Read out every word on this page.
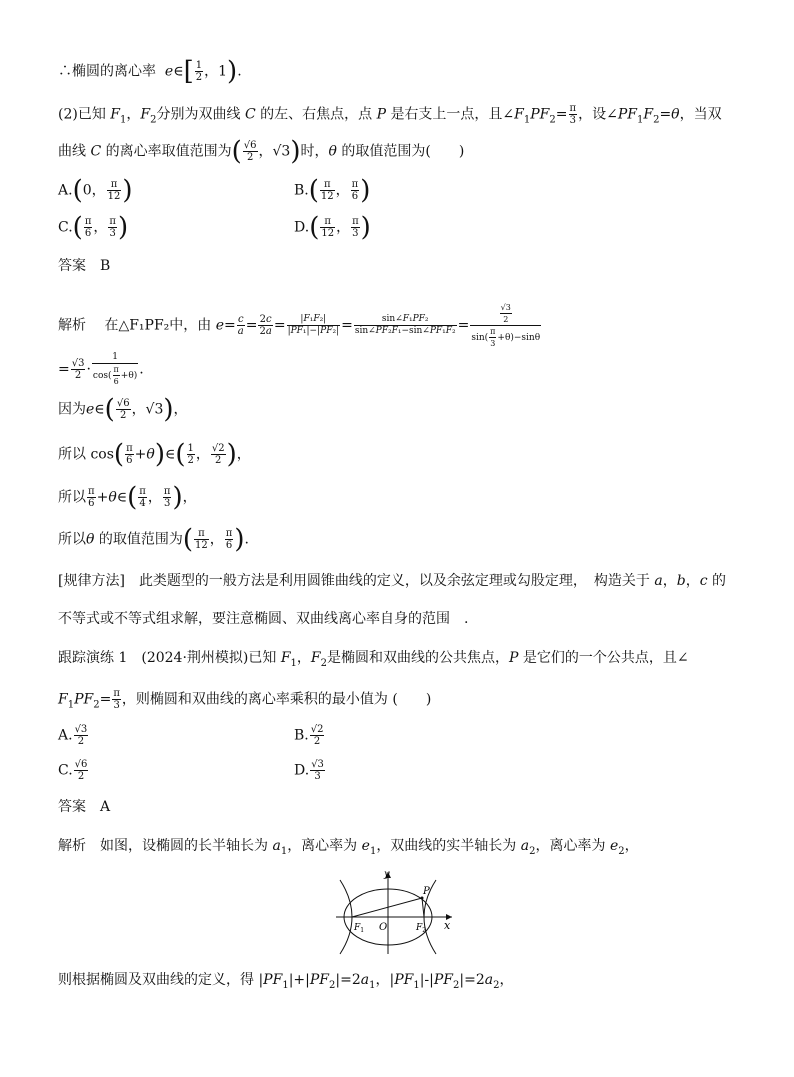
∴椭圆的离心率 e∈[ $\frac{1}{2}$ ，1).
(2)已知 $F_1$，$F_2$分别为双曲线 C 的左、右焦点，点 P 是右支上一点，且$\angle F_1PF_2= \frac{\pi}{3}$ ，设$\angle PF_1F_2=\theta$，当双
曲线 C 的离心率取值范围为( $\frac{√6}{2}$ ，√3)时，θ 的取值范围为(　　)
A.(0， $\frac{\pi}{12}$ )	$B.( \frac{\pi}{12}$ ， $\frac{\pi}{6}$ )
$C.( \frac{\pi}{6}$ ， $\frac{\pi}{3}$ )	$D.( \frac{\pi}{12}$ ， $\frac{\pi}{3}$ )
答案　B
解析　 在△F₁PF₂中，由 $e= \frac{c}{a} = \frac{2c}{2a} = \frac{\text{|F₁F₂|}}{\text{|PF₁|−|PF₂|}} = \frac{\text{sin∠F₁PF₂}}{\text{sin∠PF₂F₁−sin∠PF₁F₂}} = \frac{\frac{√3}{2}}{\sin( \frac{\pi}{3} +\theta)-\sin\theta}$
= $\frac{√3}{2} \cdot \frac{1}{\cos( \frac{\pi}{6} +\theta)}$ .
因为e∈( $\frac{√6}{2}$ ，√3)，
所以 $\cos( \frac{\pi}{6}$ +θ)∈( $\frac{1}{2}$ ， $\frac{√2}{2}$ )，
所以 $\frac{\pi}{6}$ +θ∈( $\frac{\pi}{4}$ ， $\frac{\pi}{3}$ )，
所以θ 的取值范围为( $\frac{\pi}{12}$ ， $\frac{\pi}{6}$ ).
[规律方法]　 此类题型的一般方法是利用圆锥曲线的定义，以及余弦定理或勾股定理，　构造关于 a，b，c 的
不等式或不等式组求解，要注意椭圆、双曲线离心率自身的范围　.
跟踪演练 1　 (2024·荆州模拟)已知 $F_1$，$F_2$是椭圆和双曲线的公共焦点，P 是它们的一个公共点，且∠
$F_1PF_2= \frac{\pi}{3}$ ，则椭圆和双曲线的离心率乘积的最小值为 (　　)
A. $\frac{√3}{2}$	B. $\frac{√2}{2}$
C. $\frac{√6}{2}$	D. $\frac{√3}{3}$
答案　A
解析　 如图，设椭圆的长半轴长为 $a_1$，离心率为 $e_1$，双曲线的实半轴长为 $a_2$，离心率为 $e_2$，
y
x
P
O
$F_1$	$F_2$
则根据椭圆及双曲线的定义，得 $|PF_1|+|PF_2|=2a_1$，$|PF_1|-|PF_2|=2a_2$，
